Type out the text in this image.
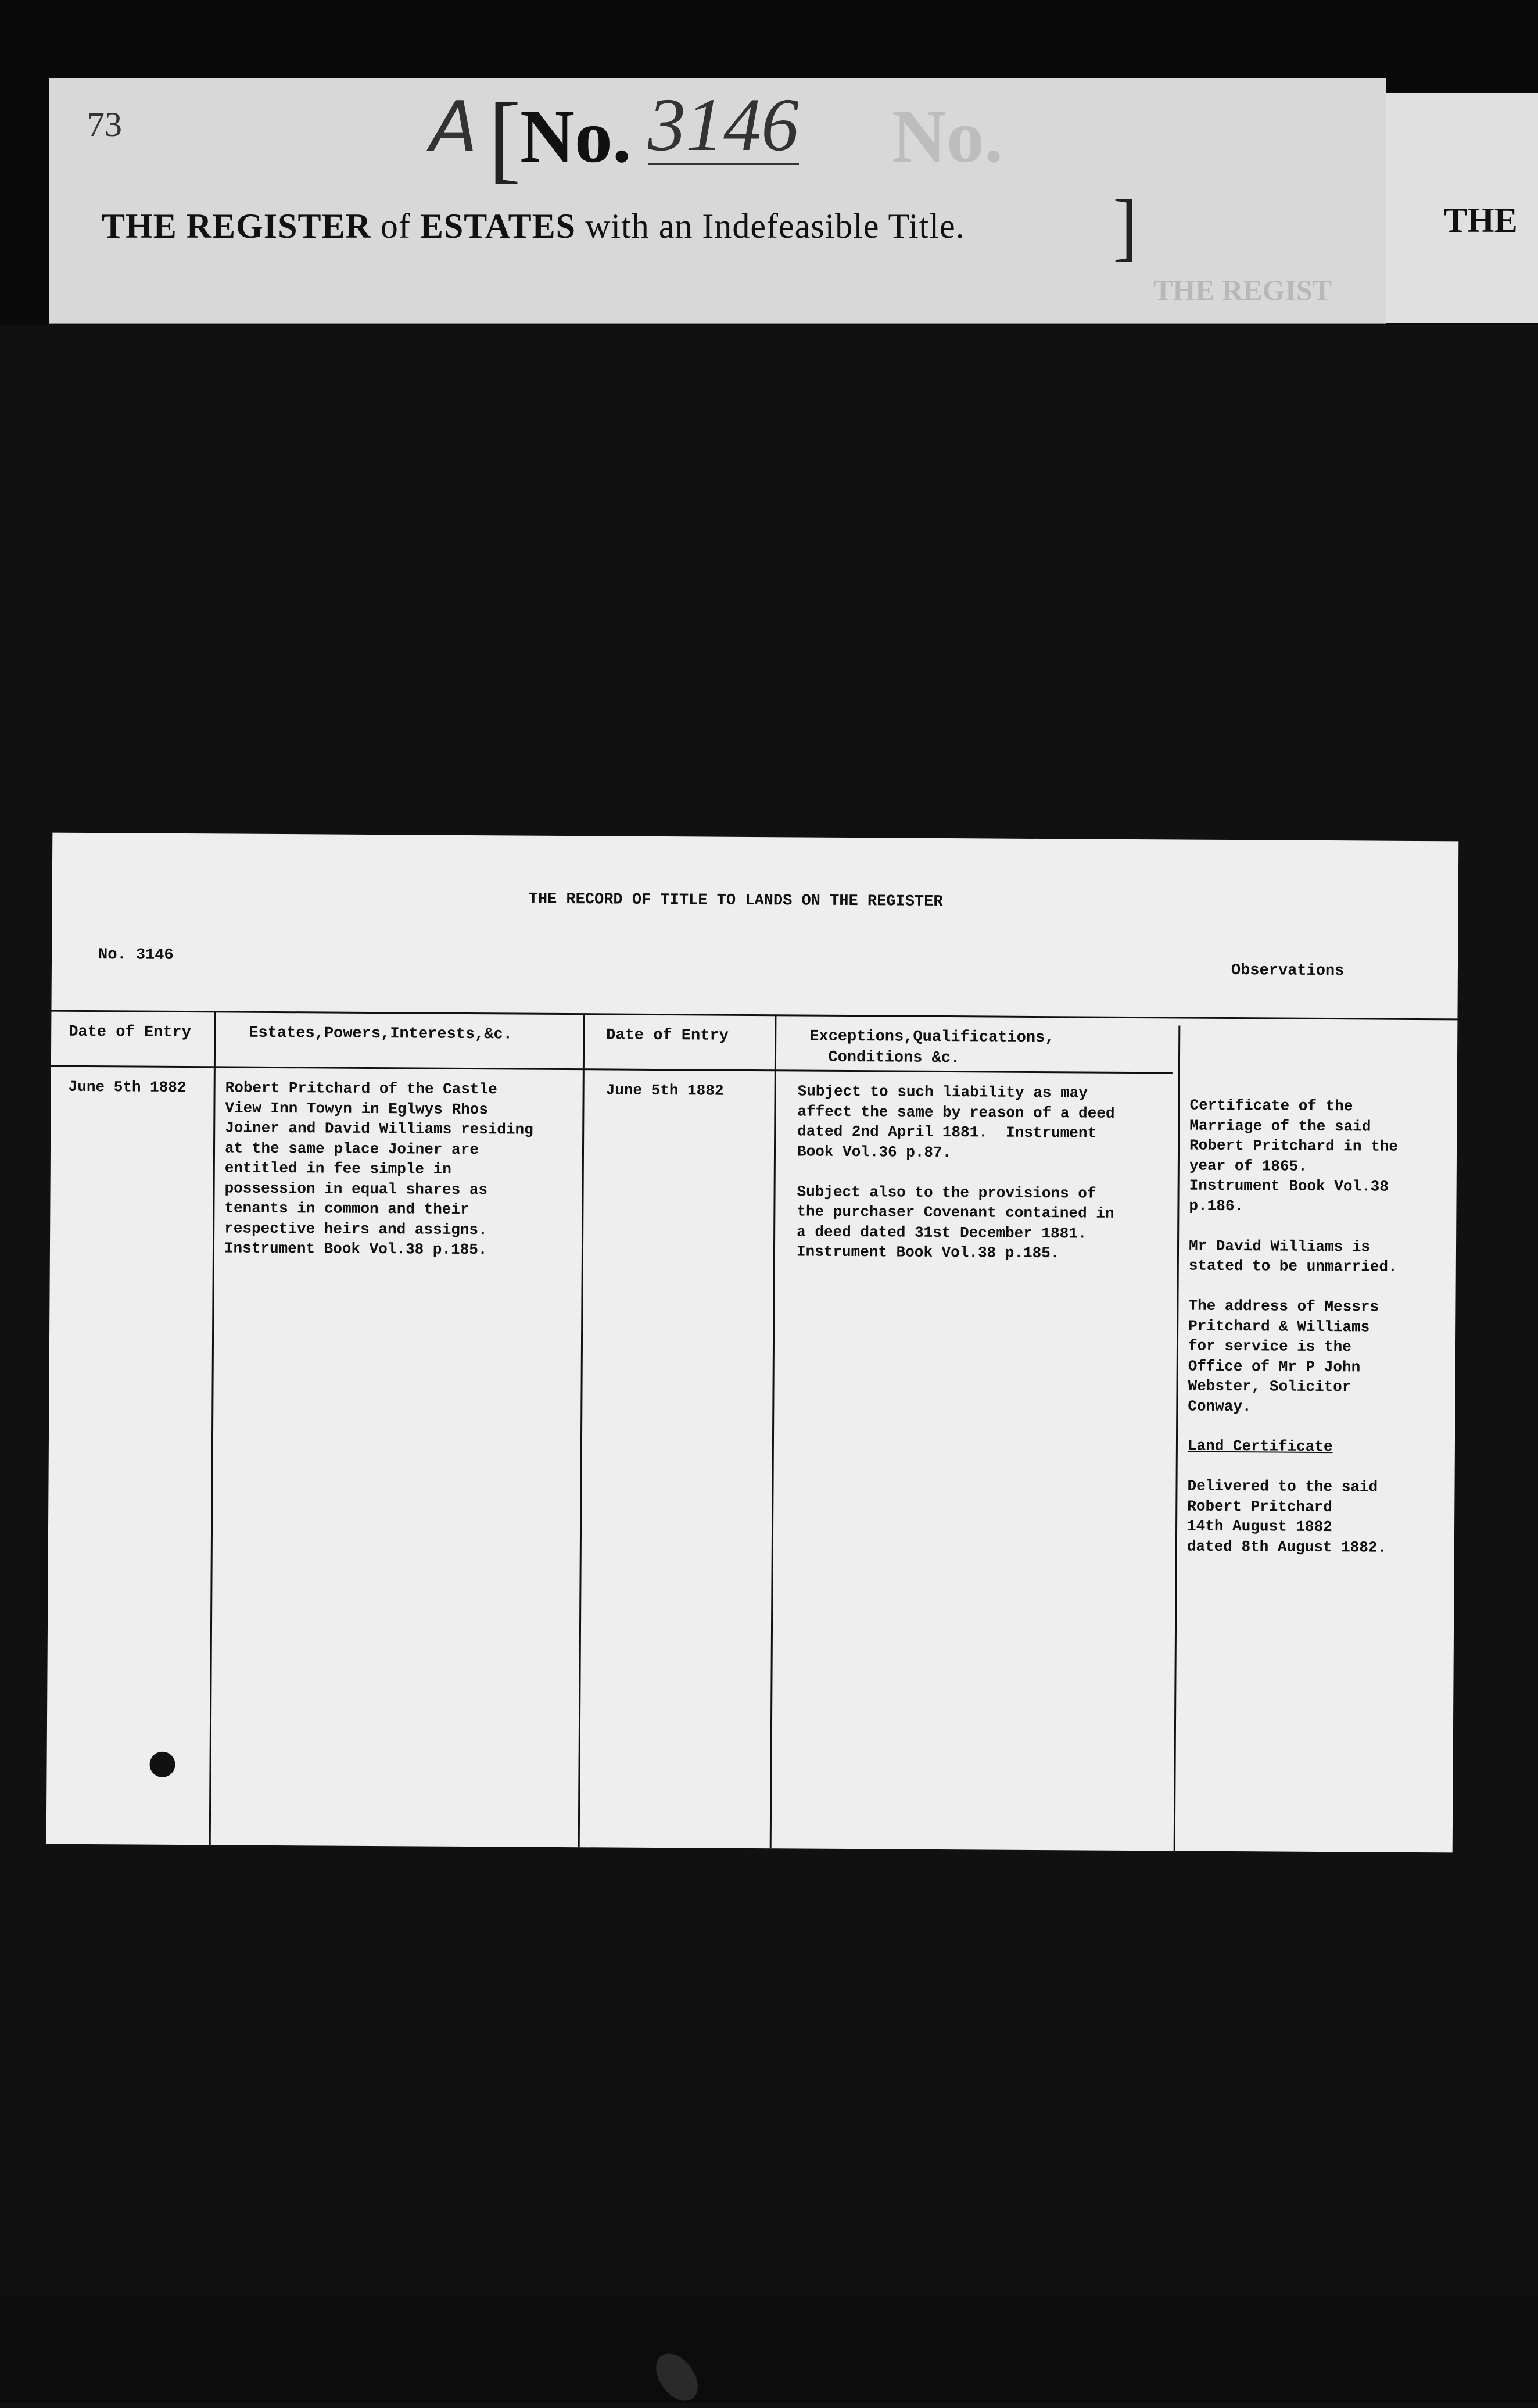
73	A [
No. 3146 No.
THE REGISTER of ESTATES with an Indefeasible Title. ]
THE REGIST
Reference Vol. 37 p. 37 Record of Title.	Observations.
THE
THE RECORD OF TITLE TO LANDS ON THE REGISTER
No. 3146
Observations
Date of Entry	Estates,Powers,Interests,&c.	Date of Entry	Exceptions,Qualifications,
Conditions &c.
June 5th 1882	Robert Pritchard of the Castle
View Inn Towyn in Eglwys Rhos
Joiner and David Williams residing
at the same place Joiner are
entitled in fee simple in
possession in equal shares as
tenants in common and their
respective heirs and assigns.
Instrument Book Vol.38 p.185.
June 5th 1882	Subject to such liability as may
affect the same by reason of a deed
dated 2nd April 1881.  Instrument
Book Vol.36 p.87.

Subject also to the provisions of
the purchaser Covenant contained in
a deed dated 31st December 1881.
Instrument Book Vol.38 p.185.
Certificate of the
Marriage of the said
Robert Pritchard in the
year of 1865.
Instrument Book Vol.38
p.186.

Mr David Williams is
stated to be unmarried.

The address of Messrs
Pritchard & Williams
for service is the
Office of Mr P John
Webster, Solicitor
Conway.
Land Certificate
Delivered to the said
Robert Pritchard
14th August 1882
dated 8th August 1882.
